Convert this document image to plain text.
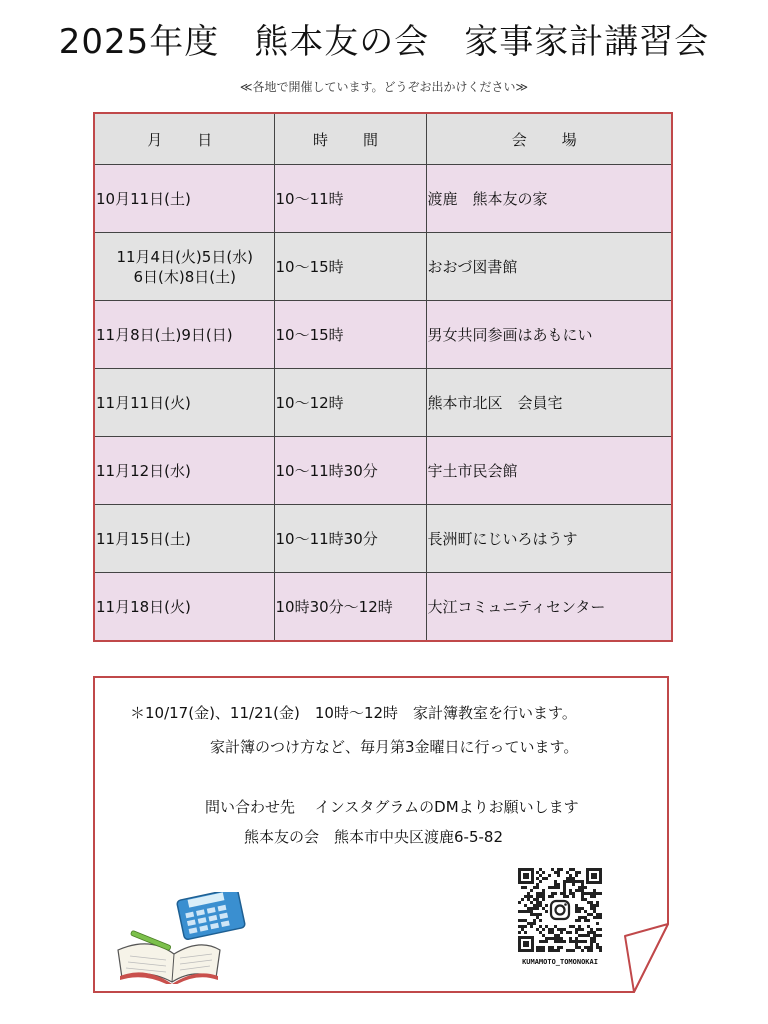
2025年度　熊本友の会　家事家計講習会
≪各地で開催しています。どうぞお出かけください≫
月　日	時　間	会　場
10月11日(土)	10～11時	渡鹿　熊本友の家

11月4日(火)5日(水)
6日(木)8日(土)	10～15時	おおづ図書館
11月8日(土)9日(日)	10～15時	男女共同参画はあもにい
11月11日(火)	10～12時	熊本市北区　会員宅
11月12日(水)	10～11時30分	宇土市民会館
11月15日(土)	10～11時30分	長洲町にじいろはうす
11月18日(火)	10時30分～12時	大江コミュニティセンター
＊10/17(金)、11/21(金)　10時～12時　家計簿教室を行います。
家計簿のつけ方など、毎月第3金曜日に行っています。
問い合わせ先　 インスタグラムのDMよりお願いします
熊本友の会　熊本市中央区渡鹿6-5-82
KUMAMOTO_TOMONOKAI
